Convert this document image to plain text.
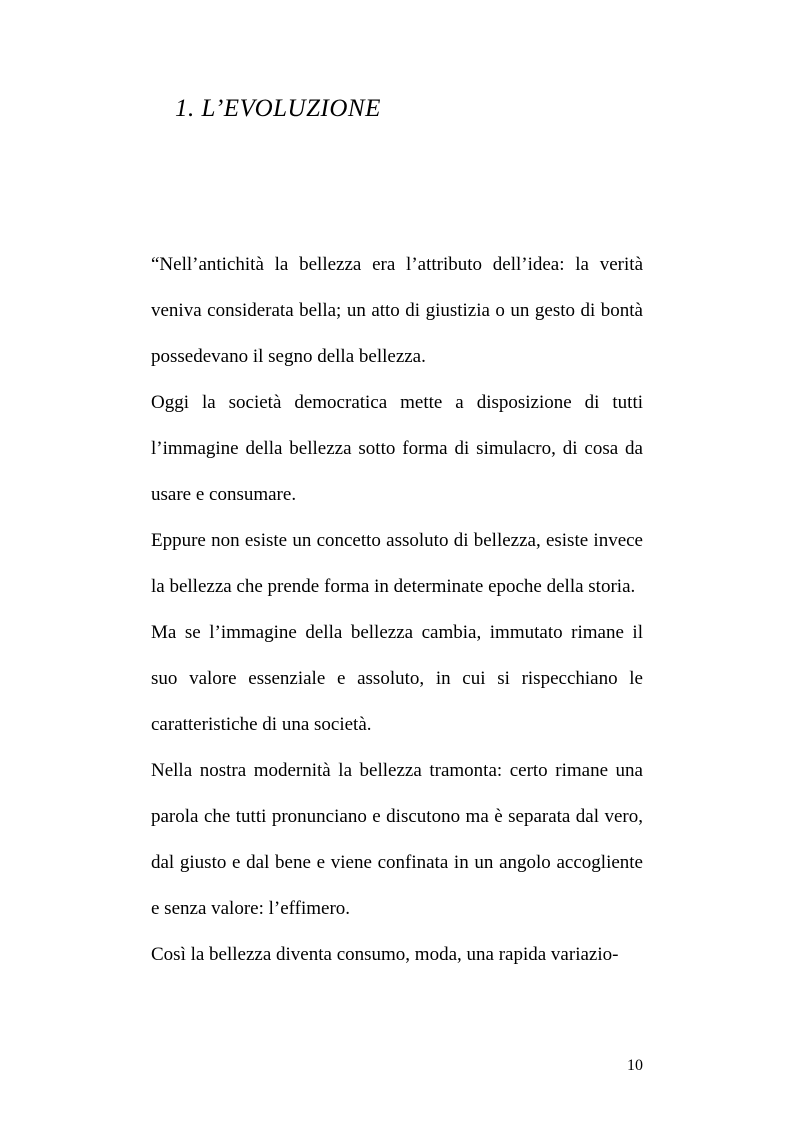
1. L’EVOLUZIONE

“Nell’antichità la bellezza era l’attributo dell’idea: la verità veniva considerata bella; un atto di giustizia o un gesto di bontà possedevano il segno della bellezza.

Oggi la società democratica mette a disposizione di tutti l’immagine della bellezza sotto forma di simulacro, di cosa da usare e consumare.

Eppure non esiste un concetto assoluto di bellezza, esiste invece la bellezza che prende forma in determinate epoche della storia.

Ma se l’immagine della bellezza cambia, immutato rimane il suo valore essenziale e assoluto, in cui si rispecchiano le caratteristiche di una società.

Nella nostra modernità la bellezza tramonta: certo rimane una parola che tutti pronunciano e discutono ma è separata dal vero, dal giusto e dal bene e viene confinata in un angolo accogliente e senza valore: l’effimero.

Così la bellezza diventa consumo, moda, una rapida variazio-

10
